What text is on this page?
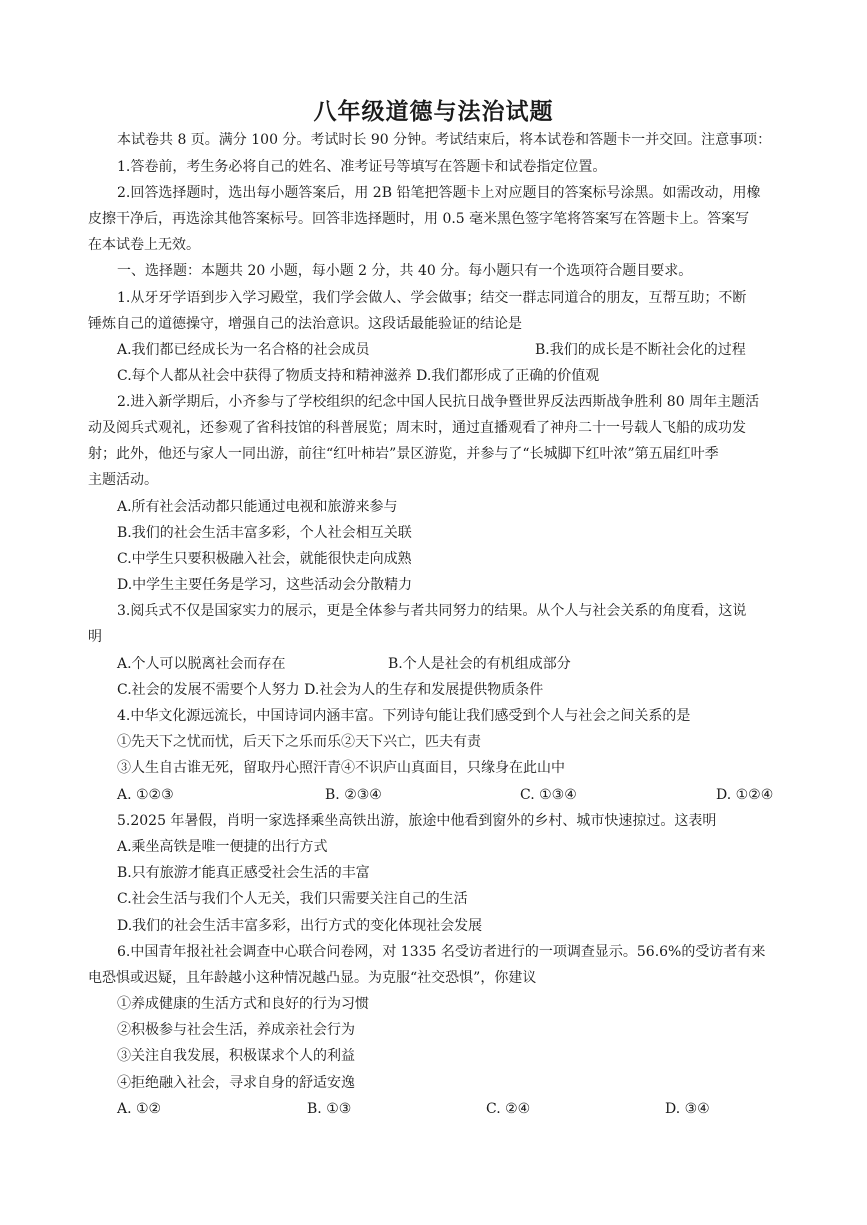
八年级道德与法治试题
本试卷共 8 页。满分 100 分。考试时长 90 分钟。考试结束后，将本试卷和答题卡一并交回。注意事项：
1.答卷前，考生务必将自己的姓名、准考证号等填写在答题卡和试卷指定位置。
2.回答选择题时，选出每小题答案后，用 2B 铅笔把答题卡上对应题目的答案标号涂黑。如需改动，用橡
皮擦干净后，再选涂其他答案标号。回答非选择题时，用 0.5 毫米黑色签字笔将答案写在答题卡上。答案写
在本试卷上无效。
一、选择题：本题共 20 小题，每小题 2 分，共 40 分。每小题只有一个选项符合题目要求。
1.从牙牙学语到步入学习殿堂，我们学会做人、学会做事；结交一群志同道合的朋友，互帮互助；不断
锤炼自己的道德操守，增强自己的法治意识。这段话最能验证的结论是
A.我们都已经成长为一名合格的社会成员	B.我们的成长是不断社会化的过程
C.每个人都从社会中获得了物质支持和精神滋养 D.我们都形成了正确的价值观
2.进入新学期后，小齐参与了学校组织的纪念中国人民抗日战争暨世界反法西斯战争胜利 80 周年主题活
动及阅兵式观礼，还参观了省科技馆的科普展览；周末时，通过直播观看了神舟二十一号载人飞船的成功发
射；此外，他还与家人一同出游，前往“红叶柿岩”景区游览，并参与了“长城脚下红叶浓”第五届红叶季
主题活动。
A.所有社会活动都只能通过电视和旅游来参与
B.我们的社会生活丰富多彩，个人社会相互关联
C.中学生只要积极融入社会，就能很快走向成熟
D.中学生主要任务是学习，这些活动会分散精力
3.阅兵式不仅是国家实力的展示，更是全体参与者共同努力的结果。从个人与社会关系的角度看，这说
明
A.个人可以脱离社会而存在	B.个人是社会的有机组成部分
C.社会的发展不需要个人努力 D.社会为人的生存和发展提供物质条件
4.中华文化源远流长，中国诗词内涵丰富。下列诗句能让我们感受到个人与社会之间关系的是
①先天下之忧而忧，后天下之乐而乐②天下兴亡，匹夫有责
③人生自古谁无死，留取丹心照汗青④不识庐山真面目，只缘身在此山中
A. ①②③	B. ②③④	C. ①③④	D. ①②④
5.2025 年暑假，肖明一家选择乘坐高铁出游，旅途中他看到窗外的乡村、城市快速掠过。这表明
A.乘坐高铁是唯一便捷的出行方式
B.只有旅游才能真正感受社会生活的丰富
C.社会生活与我们个人无关，我们只需要关注自己的生活
D.我们的社会生活丰富多彩，出行方式的变化体现社会发展
6.中国青年报社社会调查中心联合问卷网，对 1335 名受访者进行的一项调查显示。56.6%的受访者有来
电恐惧或迟疑，且年龄越小这种情况越凸显。为克服“社交恐惧”，你建议
①养成健康的生活方式和良好的行为习惯
②积极参与社会生活，养成亲社会行为
③关注自我发展，积极谋求个人的利益
④拒绝融入社会，寻求自身的舒适安逸
A. ①②	B. ①③	C. ②④	D. ③④
